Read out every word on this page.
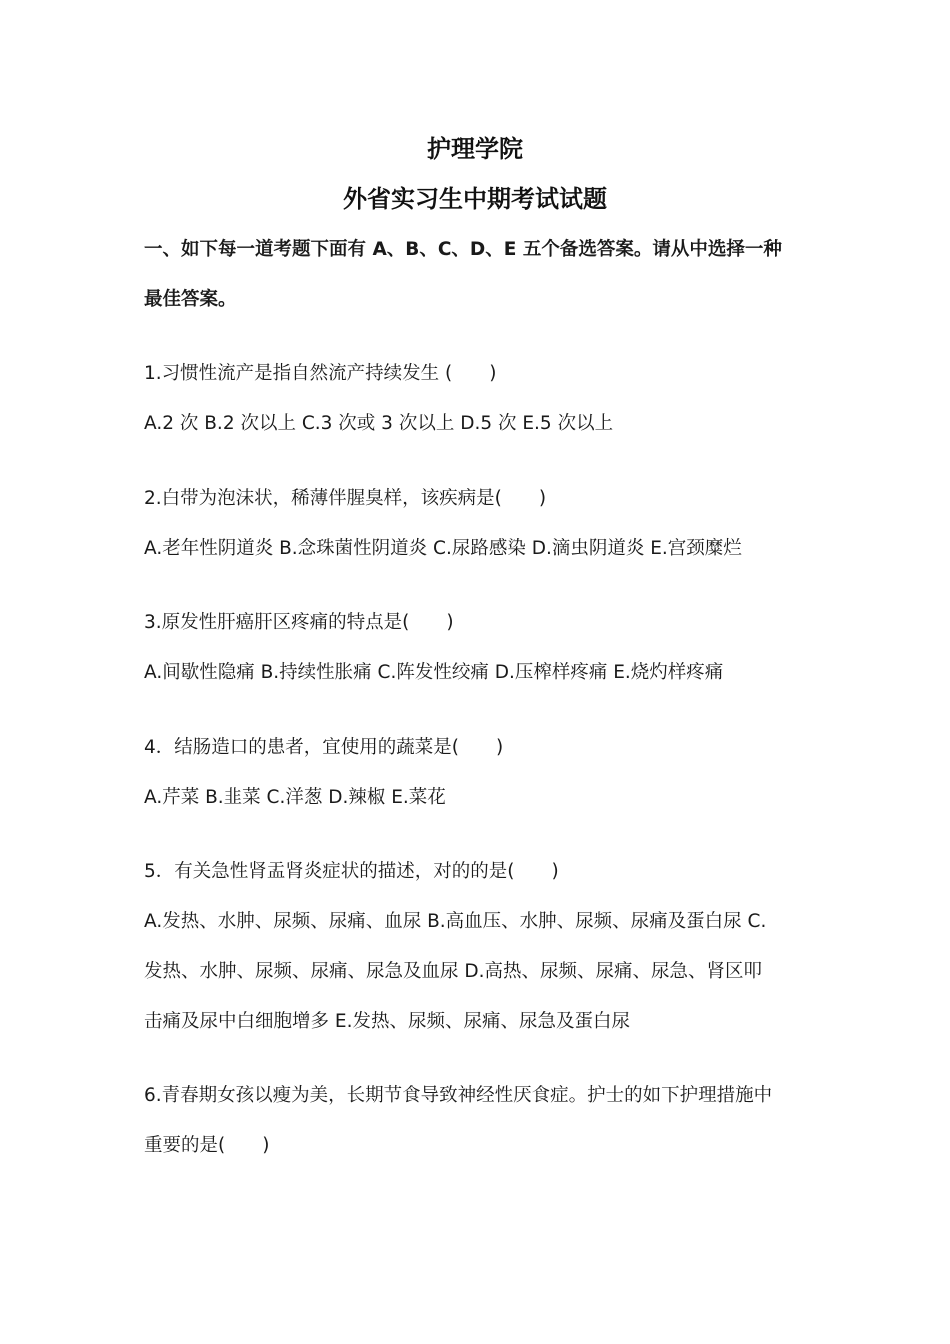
护理学院
外省实习生中期考试试题
一、如下每一道考题下面有 A、B、C、D、E 五个备选答案。请从中选择一种
最佳答案。
1.习惯性流产是指自然流产持续发生 (　　)
A.2 次 B.2 次以上 C.3 次或 3 次以上 D.5 次 E.5 次以上
2.白带为泡沫状，稀薄伴腥臭样，该疾病是(　　)
A.老年性阴道炎 B.念珠菌性阴道炎 C.尿路感染 D.滴虫阴道炎 E.宫颈糜烂
3.原发性肝癌肝区疼痛的特点是(　　)
A.间歇性隐痛 B.持续性胀痛 C.阵发性绞痛 D.压榨样疼痛 E.烧灼样疼痛
4．结肠造口的患者，宜使用的蔬菜是(　　)
A.芹菜 B.韭菜 C.洋葱 D.辣椒 E.菜花
5．有关急性肾盂肾炎症状的描述，对的的是(　　)
A.发热、水肿、尿频、尿痛、血尿 B.高血压、水肿、尿频、尿痛及蛋白尿 C.
发热、水肿、尿频、尿痛、尿急及血尿 D.高热、尿频、尿痛、尿急、肾区叩
击痛及尿中白细胞增多 E.发热、尿频、尿痛、尿急及蛋白尿
6.青春期女孩以瘦为美，长期节食导致神经性厌食症。护士的如下护理措施中
重要的是(　　)
